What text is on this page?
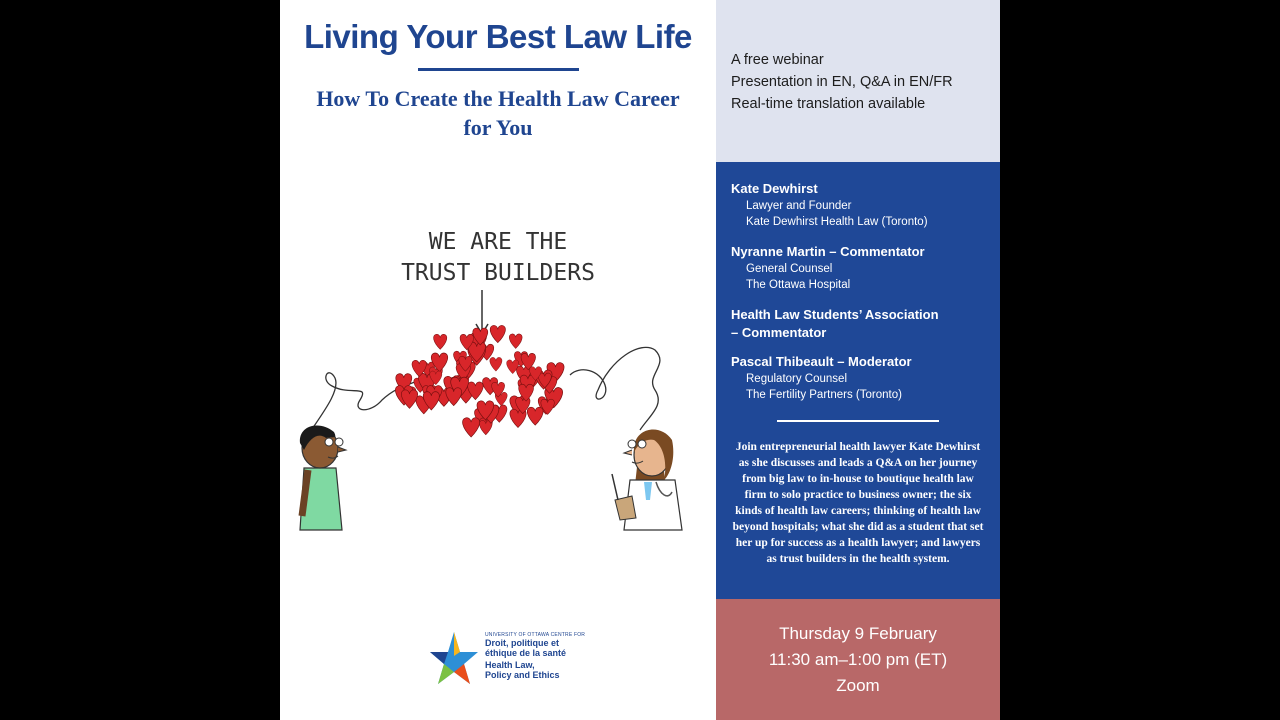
Living Your Best Law Life
How To Create the Health Law Career
for You
WE ARE THE
TRUST BUILDERS
UNIVERSITY OF OTTAWA CENTRE FOR
Droit, politique et
éthique de la santé
Health Law,
Policy and Ethics

A free webinar

Presentation in EN, Q&A in EN/FR

Real-time translation available

Kate Dewhirst
Lawyer and Founder
Kate Dewhirst Health Law (Toronto)
Nyranne Martin – Commentator
General Counsel
The Ottawa Hospital
Health Law Students’ Association
– Commentator
Pascal Thibeault – Moderator
Regulatory Counsel
The Fertility Partners (Toronto)

Join entrepreneurial health lawyer Kate Dewhirst as she discusses and leads a Q&A on her journey from big law to in-house to boutique health law firm to solo practice to business owner; the six kinds of health law careers; thinking of health law beyond hospitals; what she did as a student that set her up for success as a health lawyer; and lawyers as trust builders in the health system.

Thursday 9 February
11:30 am–1:00 pm (ET)
Zoom
